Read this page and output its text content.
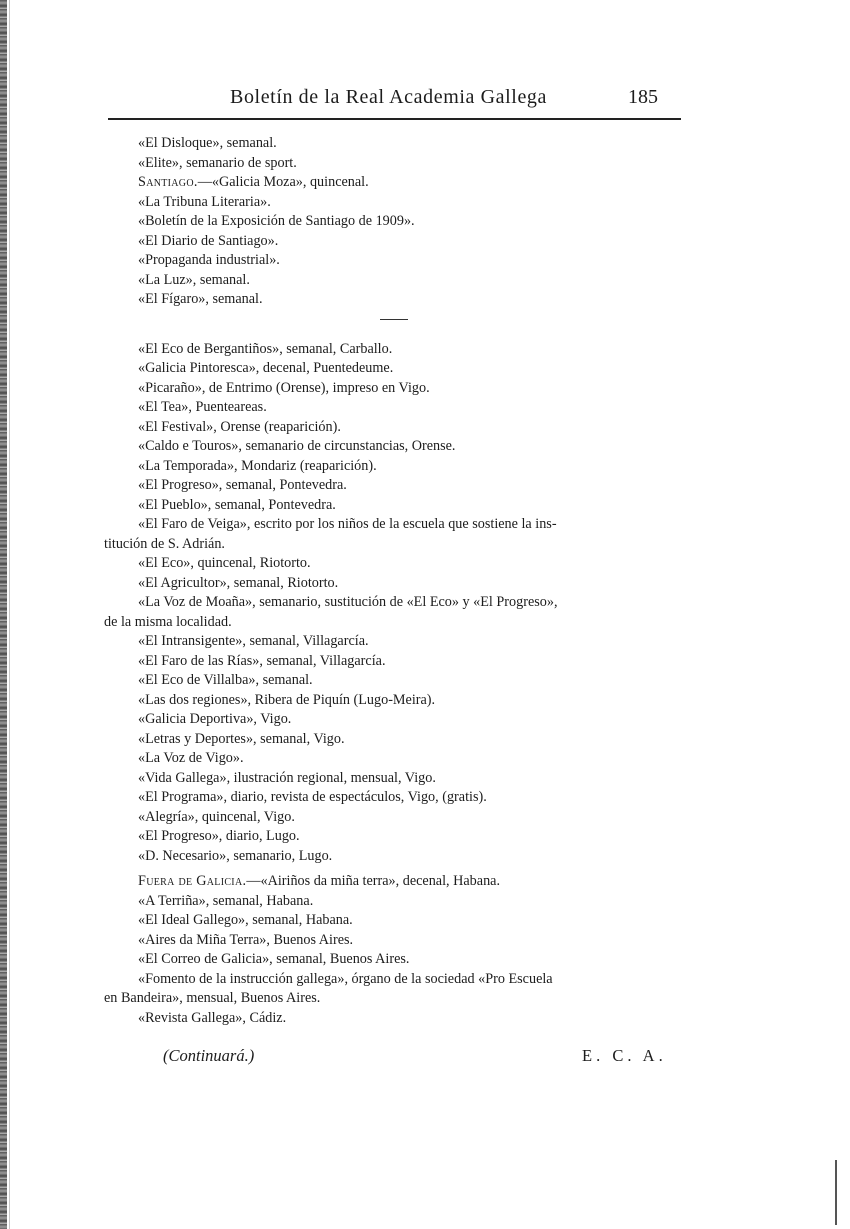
Boletín de la Real Academia Gallega	185
«El Disloque», semanal.
«Elite», semanario de sport.
Santiago.—«Galicia Moza», quincenal.
«La Tribuna Literaria».
«Boletín de la Exposición de Santiago de 1909».
«El Diario de Santiago».
«Propaganda industrial».
«La Luz», semanal.
«El Fígaro», semanal.
«El Eco de Bergantiños», semanal, Carballo.
«Galicia Pintoresca», decenal, Puentedeume.
«Picaraño», de Entrimo (Orense), impreso en Vigo.
«El Tea», Puenteareas.
«El Festival», Orense (reaparición).
«Caldo e Touros», semanario de circunstancias, Orense.
«La Temporada», Mondariz (reaparición).
«El Progreso», semanal, Pontevedra.
«El Pueblo», semanal, Pontevedra.
«El Faro de Veiga», escrito por los niños de la escuela que sostiene la ins-
titución de S. Adrián.
«El Eco», quincenal, Riotorto.
«El Agricultor», semanal, Riotorto.
«La Voz de Moaña», semanario, sustitución de «El Eco» y «El Progreso»,
de la misma localidad.
«El Intransigente», semanal, Villagarcía.
«El Faro de las Rías», semanal, Villagarcía.
«El Eco de Villalba», semanal.
«Las dos regiones», Ribera de Piquín (Lugo-Meira).
«Galicia Deportiva», Vigo.
«Letras y Deportes», semanal, Vigo.
«La Voz de Vigo».
«Vida Gallega», ilustración regional, mensual, Vigo.
«El Programa», diario, revista de espectáculos, Vigo, (gratis).
«Alegría», quincenal, Vigo.
«El Progreso», diario, Lugo.
«D. Necesario», semanario, Lugo.
Fuera de Galicia.—«Airiños da miña terra», decenal, Habana.
«A Terriña», semanal, Habana.
«El Ideal Gallego», semanal, Habana.
«Aires da Miña Terra», Buenos Aires.
«El Correo de Galicia», semanal, Buenos Aires.
«Fomento de la instrucción gallega», órgano de la sociedad «Pro Escuela
en Bandeira», mensual, Buenos Aires.
«Revista Gallega», Cádiz.
(Continuará.)	E. C. A.
